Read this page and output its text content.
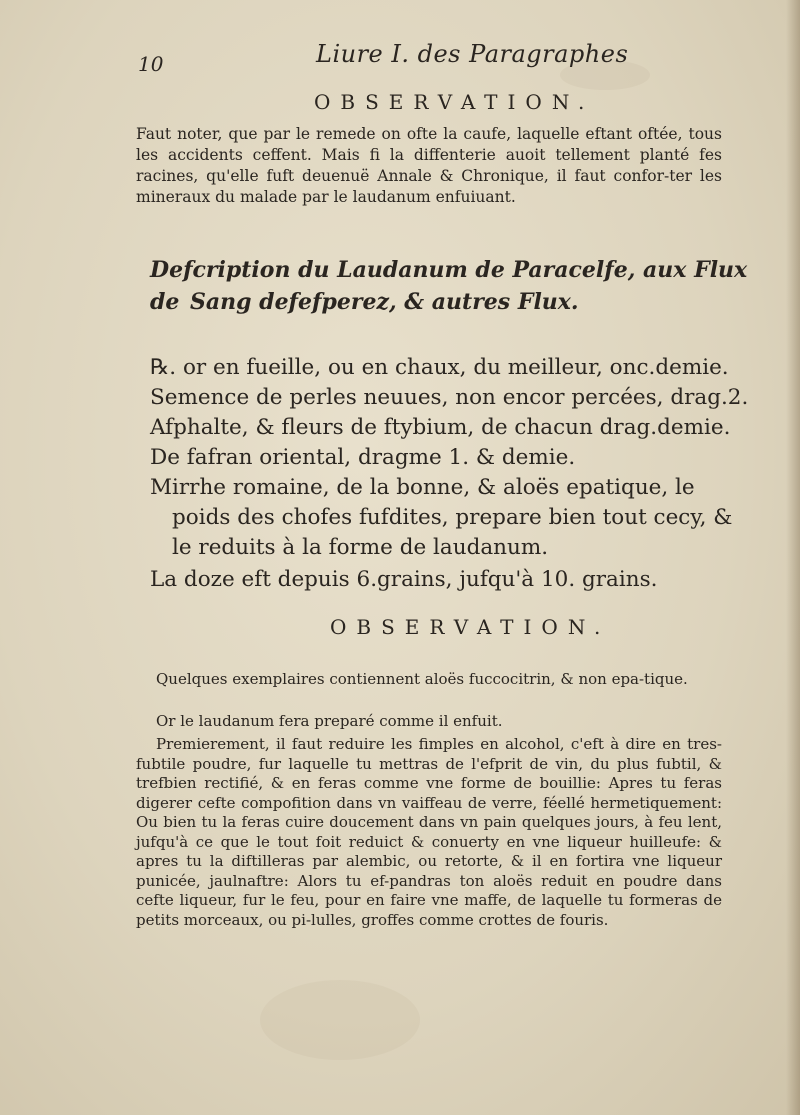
10	Liure I. des Paragraphes
OBSERVATION.

Faut noter, que par le remede on ofte la caufe, laquelle eftant oftée, tous les accidents ceffent. Mais fi la diffenterie auoit tellement planté fes racines, qu'elle fuft deuenuë Annale & Chronique, il faut confor-ter les mineraux du malade par le laudanum enfuiuant.

Defcription du Laudanum de Paracelfe, aux Flux de Sang defefperez, & autres Flux.
℞. or en fueille, ou en chaux, du meilleur, onc.demie.
Semence de perles neuues, non encor percées, drag.2.
Afphalte, & fleurs de ftybium, de chacun drag.demie.
De fafran oriental, dragme 1. & demie.
Mirrhe romaine, de la bonne, & aloës epatique, le
poids des chofes fufdites, prepare bien tout cecy, &
le reduits à la forme de laudanum.
La doze eft depuis 6.grains, jufqu'à 10. grains.
OBSERVATION.

Quelques exemplaires contiennent aloës fuccocitrin, & non epa-tique.

Or le laudanum fera preparé comme il enfuit.

Premierement, il faut reduire les fimples en alcohol, c'eft à dire en tres-fubtile poudre, fur laquelle tu mettras de l'efprit de vin, du plus fubtil, & trefbien rectifié, & en feras comme vne forme de bouillie: Apres tu feras digerer cefte compofition dans vn vaiffeau de verre, féellé hermetiquement: Ou bien tu la feras cuire doucement dans vn pain quelques jours, à feu lent, jufqu'à ce que le tout foit reduict & conuerty en vne liqueur huilleufe: & apres tu la diftilleras par alembic, ou retorte, & il en fortira vne liqueur punicée, jaulnaftre: Alors tu ef-pandras ton aloës reduit en poudre dans cefte liqueur, fur le feu, pour en faire vne maffe, de laquelle tu formeras de petits morceaux, ou pi-lulles, groffes comme crottes de fouris.
